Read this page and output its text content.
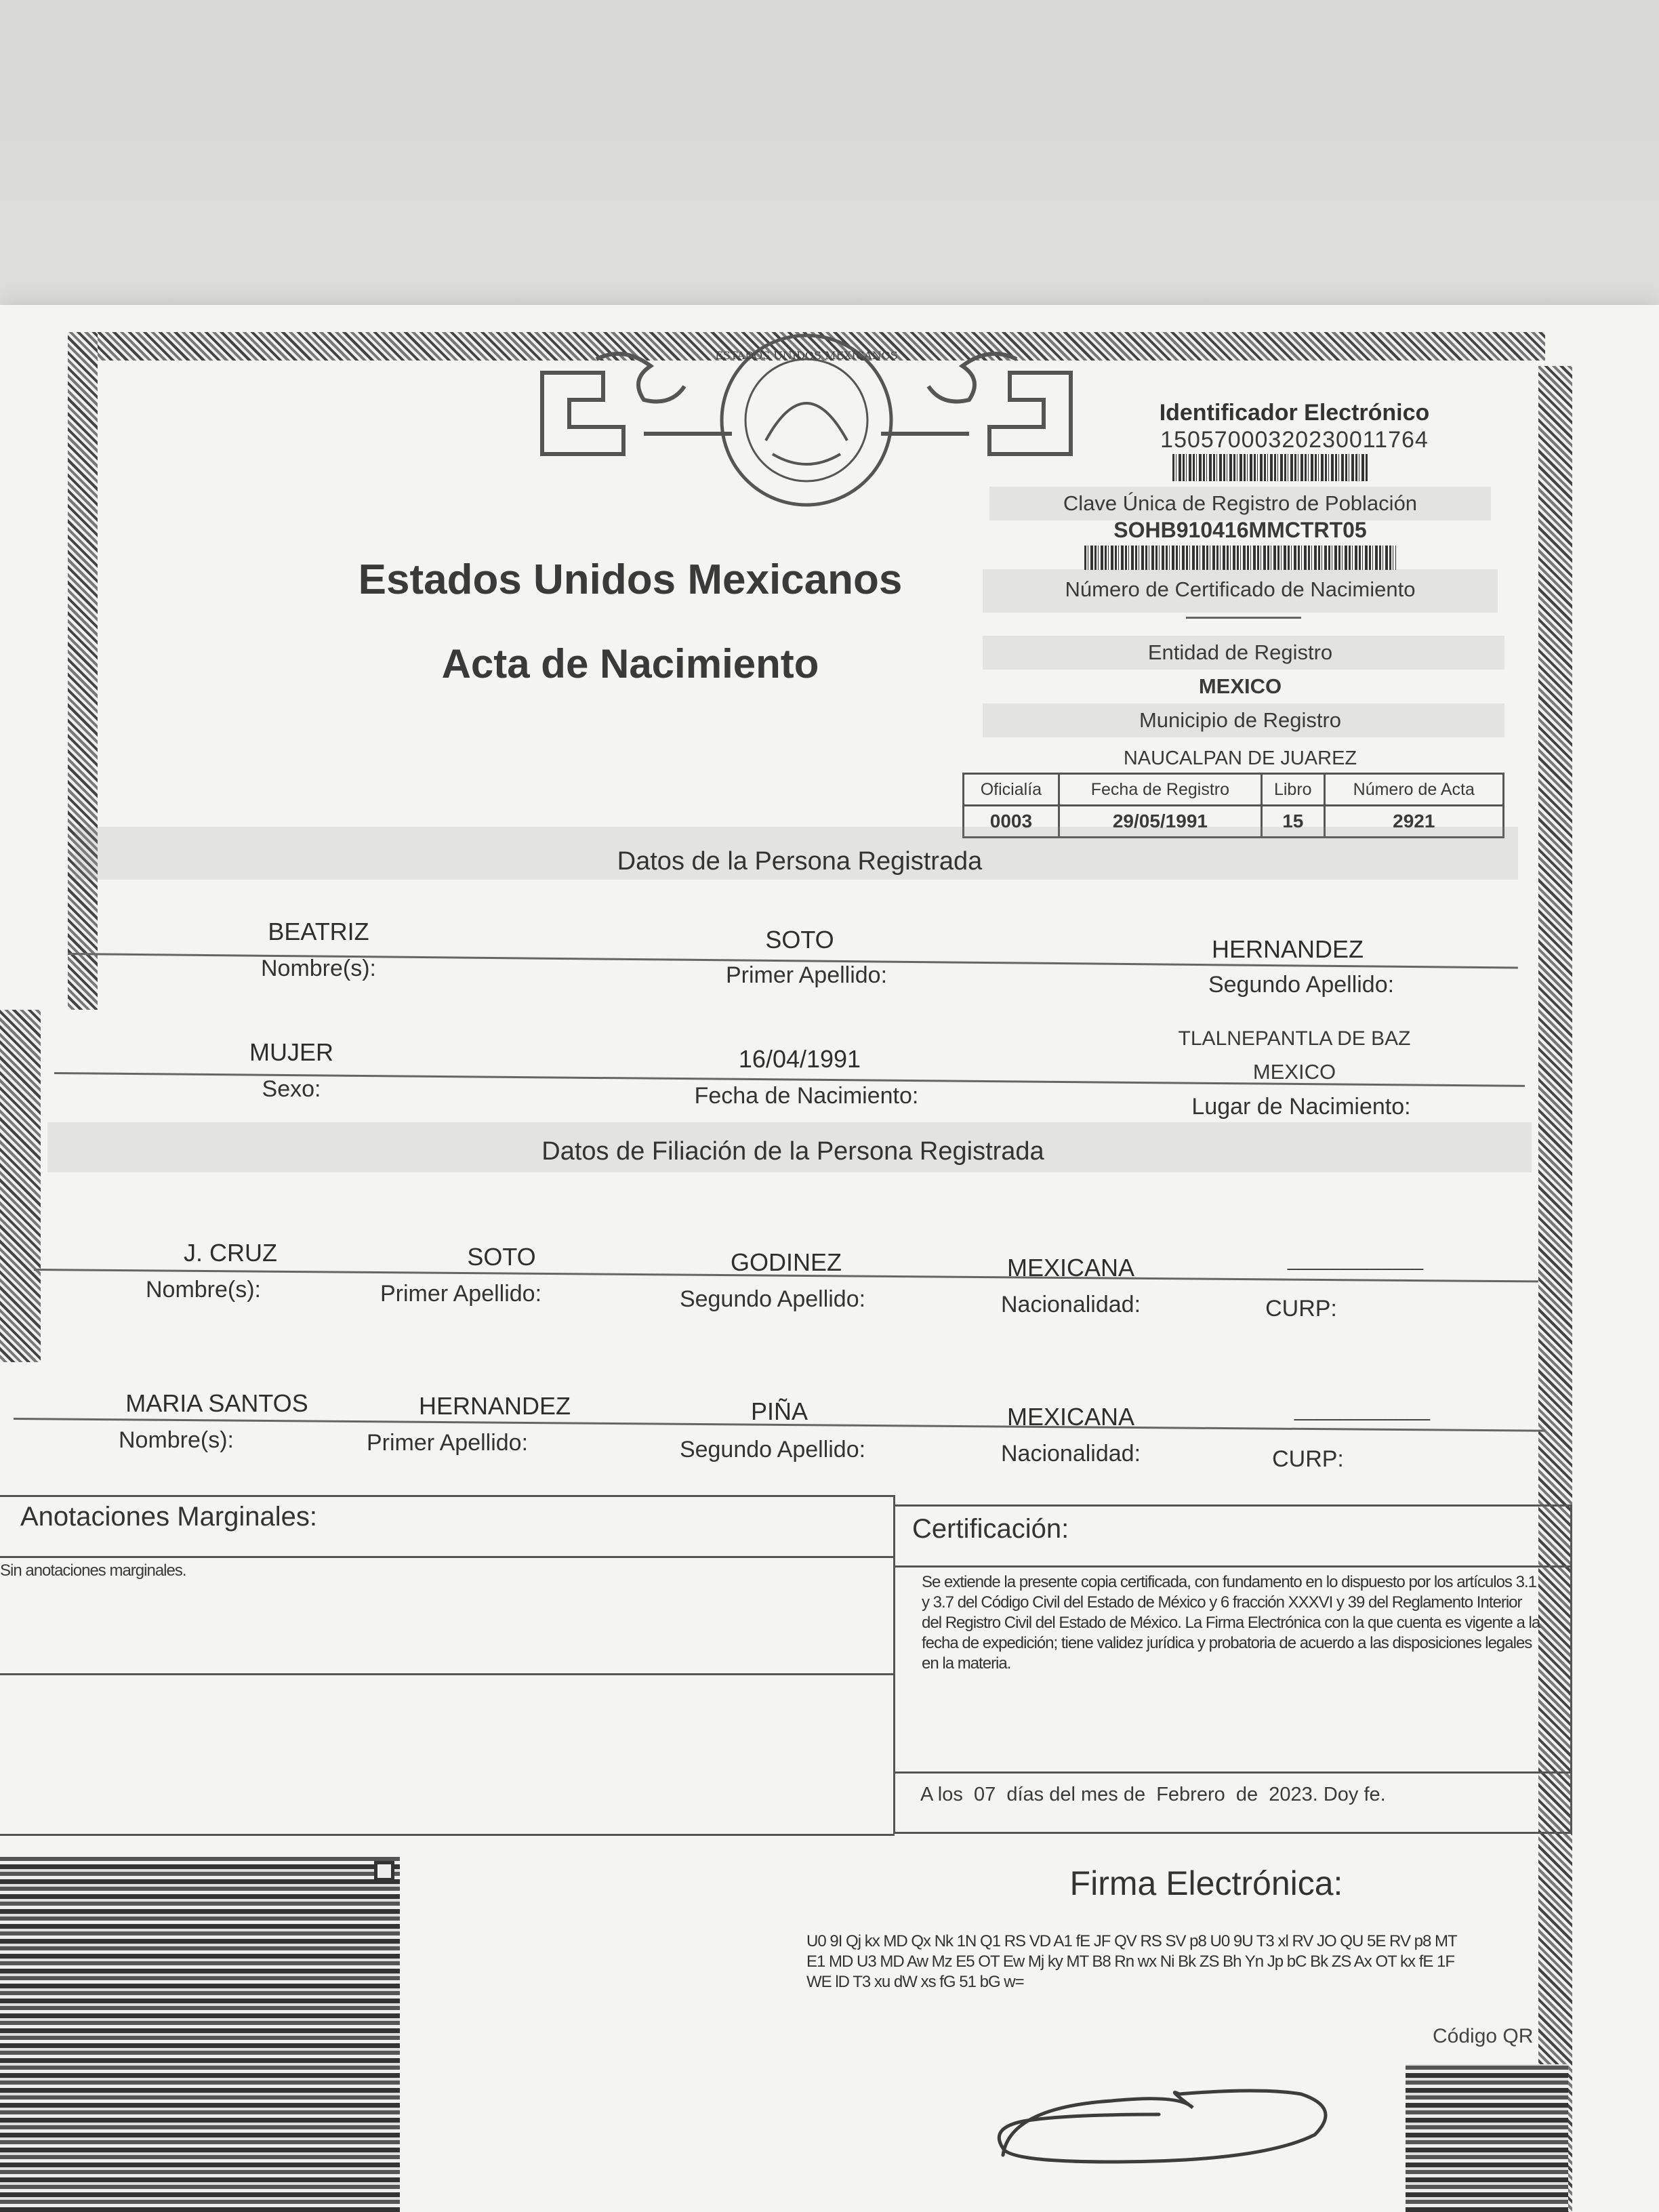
ESTADOS UNIDOS MEXICANOS
Identificador Electrónico
15057000320230011764
Clave Única de Registro de Población
SOHB910416MMCTRT05
Número de Certificado de Nacimiento
Entidad de Registro
MEXICO
Municipio de Registro
NAUCALPAN DE JUAREZ
Oficialía	Fecha de Registro	Libro	Número de Acta
0003	29/05/1991	15	2921
Estados Unidos Mexicanos
Acta de Nacimiento
Datos de la Persona Registrada
BEATRIZ	SOTO	HERNANDEZ
Nombre(s):	Primer Apellido:	Segundo Apellido:
TLALNEPANTLA DE BAZ
MUJER	16/04/1991	MEXICO
Sexo:	Fecha de Nacimiento:	Lugar de Nacimiento:
Datos de Filiación de la Persona Registrada
J. CRUZ	SOTO	GODINEZ	MEXICANA	____________
Nombre(s):	Primer Apellido:	Segundo Apellido:	Nacionalidad:	CURP:
MARIA SANTOS	HERNANDEZ	PIÑA	MEXICANA	____________
Nombre(s):	Primer Apellido:	Segundo Apellido:	Nacionalidad:	CURP:
Anotaciones Marginales:
Sin anotaciones marginales.
Certificación:
Se extiende la presente copia certificada, con fundamento en lo dispuesto por los artículos 3.1 y 3.7 del Código Civil del Estado de México y 6 fracción XXXVI y 39 del Reglamento Interior del Registro Civil del Estado de México. La Firma Electrónica con la que cuenta es vigente a la fecha de expedición; tiene validez jurídica y probatoria de acuerdo a las disposiciones legales en la materia.
A los  07  días del mes de  Febrero  de  2023. Doy fe.
Firma Electrónica:
U0 9I Qj kx MD Qx Nk 1N Q1 RS VD A1 fE JF QV RS SV p8 U0 9U T3 xl RV JO QU 5E RV p8 MT E1 MD U3 MD Aw Mz E5 OT Ew Mj ky MT B8 Rn wx Ni Bk ZS Bh Yn Jp bC Bk ZS Ax OT kx fE 1F WE lD T3 xu dW xs fG 51 bG w=
Código QR
